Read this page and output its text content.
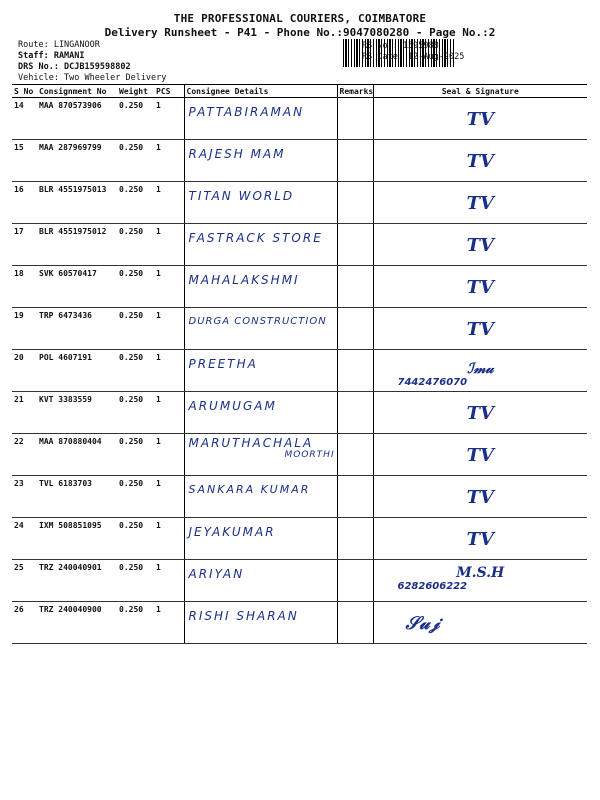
THE PROFESSIONAL COURIERS, COIMBATORE
Delivery Runsheet - P41 - Phone No.:9047080280 - Page No.:2
Route: LINGANOOR
Staff: RAMANI
DRS No.: DCJB159598802
Vehicle: Two Wheeler Delivery
RS No.: 1595988
RS Date: 12-Aug-2025
S No	Consignment No	Weight	PCS	Consignee Details	Remarks	Seal & Signature
14	MAA 870573906	0.250	1	PATTABIRAMAN		TV

15	MAA 287969799	0.250	1	RAJESH MAM		TV

16	BLR 4551975013	0.250	1	TITAN WORLD		TV

17	BLR 4551975012	0.250	1	FASTRACK STORE		TV

18	SVK 60570417	0.250	1	MAHALAKSHMI		TV

19	TRP 6473436	0.250	1	DURGA CONSTRUCTION		TV

20	POL 4607191	0.250	1	PREETHA		ℐ𝓂𝓊
7442476070

21	KVT 3383559	0.250	1	ARUMUGAM		TV

22	MAA 870880404	0.250	1	MARUTHACHALA
MOORTHI		TV

23	TVL 6183703	0.250	1	SANKARA KUMAR		TV

24	IXM 508851095	0.250	1	JEYAKUMAR		TV

25	TRZ 240040901	0.250	1	ARIYAN		M.S.H
6282606222

26	TRZ 240040900	0.250	1	RISHI SHARAN		𝒮𝓊𝒿
